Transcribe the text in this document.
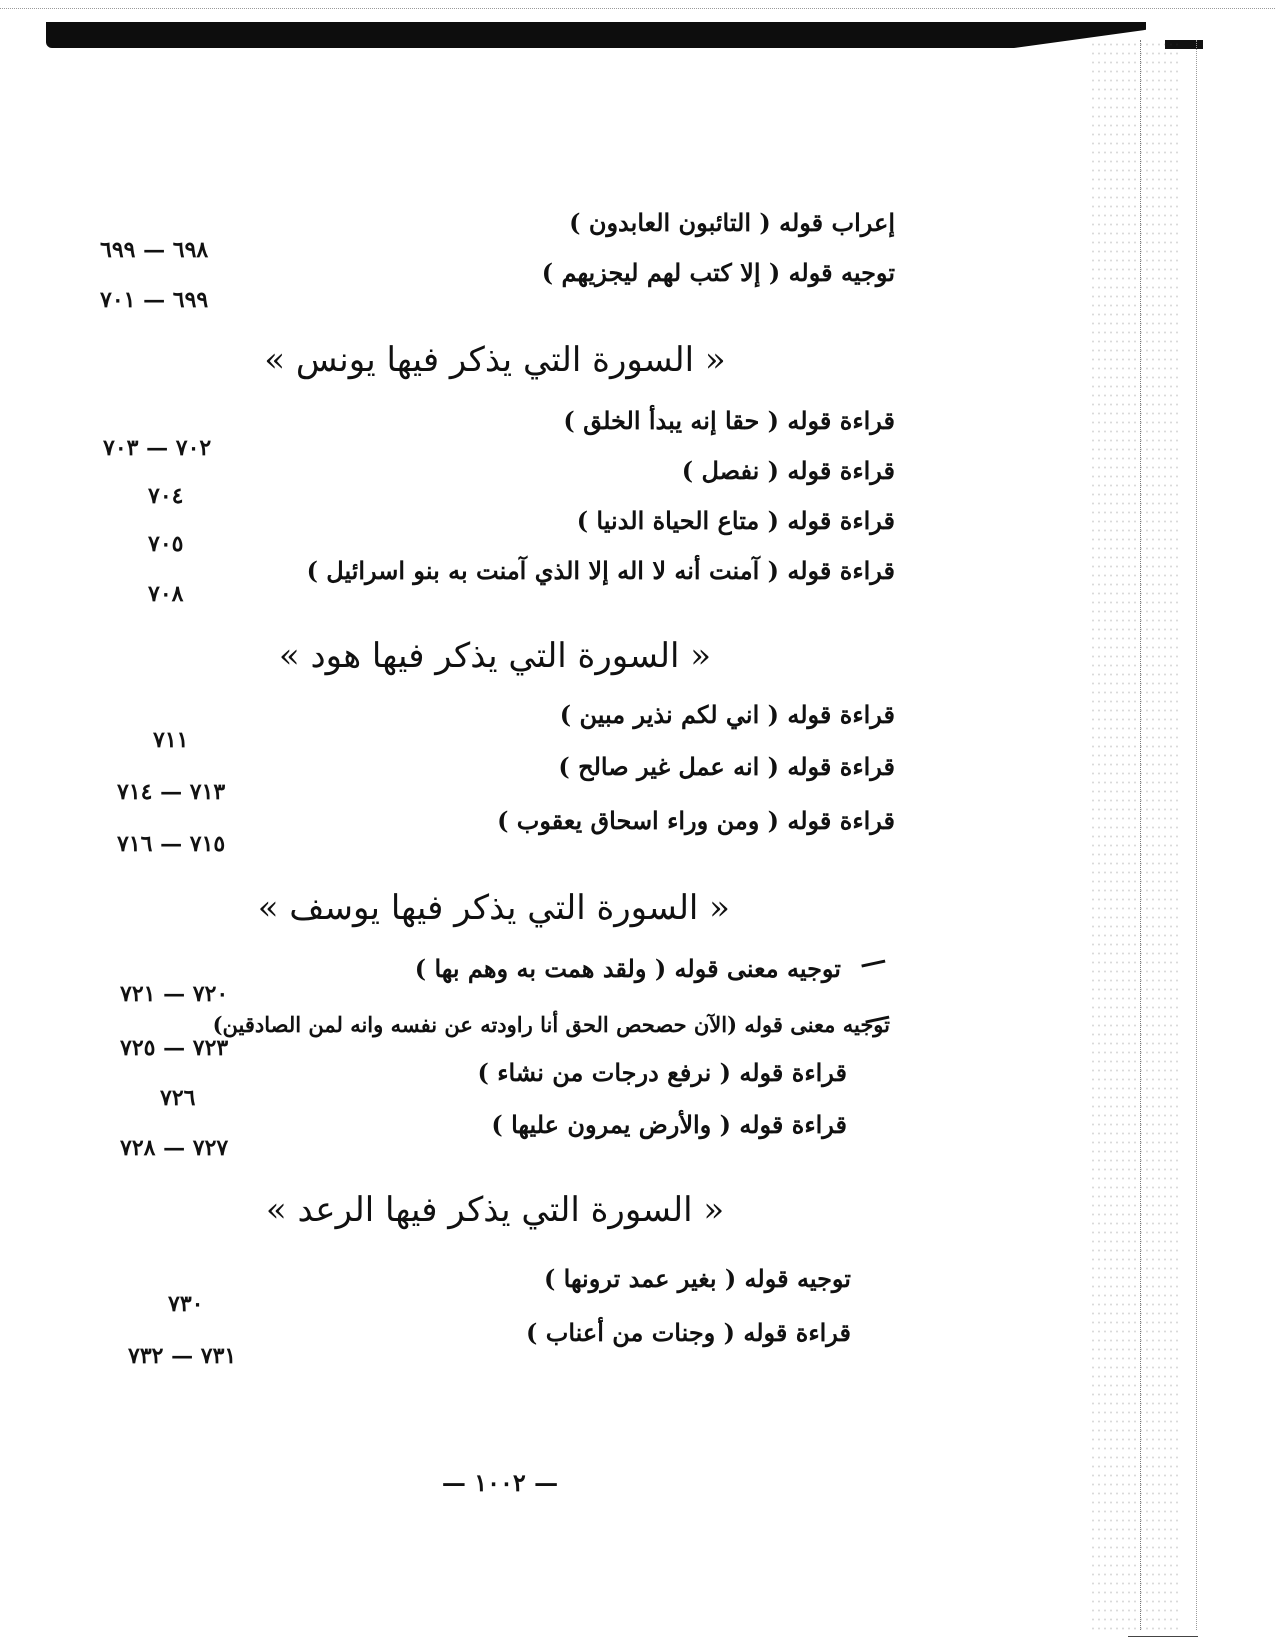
إعراب قوله ( التائبون العابدون )
٦٩٨ — ٦٩٩
توجيه قوله ( إلا كتب لهم ليجزيهم )
٦٩٩ — ٧٠١
« السورة التي يذكر فيها يونس »
قراءة قوله ( حقا إنه يبدأ الخلق )
٧٠٢ — ٧٠٣
قراءة قوله ( نفصل )
٧٠٤
قراءة قوله ( متاع الحياة الدنيا )
٧٠٥
قراءة قوله ( آمنت أنه لا اله إلا الذي آمنت به بنو اسرائيل )
٧٠٨
« السورة التي يذكر فيها هود »
قراءة قوله ( اني لكم نذير مبين )
٧١١
قراءة قوله ( انه عمل غير صالح )
٧١٣ — ٧١٤
قراءة قوله ( ومن وراء اسحاق يعقوب )
٧١٥ — ٧١٦
« السورة التي يذكر فيها يوسف »
توجيه معنى قوله ( ولقد همت به وهم بها )
٧٢٠ — ٧٢١
توجيه معنى قوله (الآن حصحص الحق أنا راودته عن نفسه وانه لمن الصادقين)
٧٢٣ — ٧٢٥
قراءة قوله ( نرفع درجات من نشاء )
٧٢٦
قراءة قوله ( والأرض يمرون عليها )
٧٢٧ — ٧٢٨
« السورة التي يذكر فيها الرعد »
توجيه قوله ( بغير عمد ترونها )
٧٣٠
قراءة قوله ( وجنات من أعناب )
٧٣١ — ٧٣٢
— ١٠٠٢ —
